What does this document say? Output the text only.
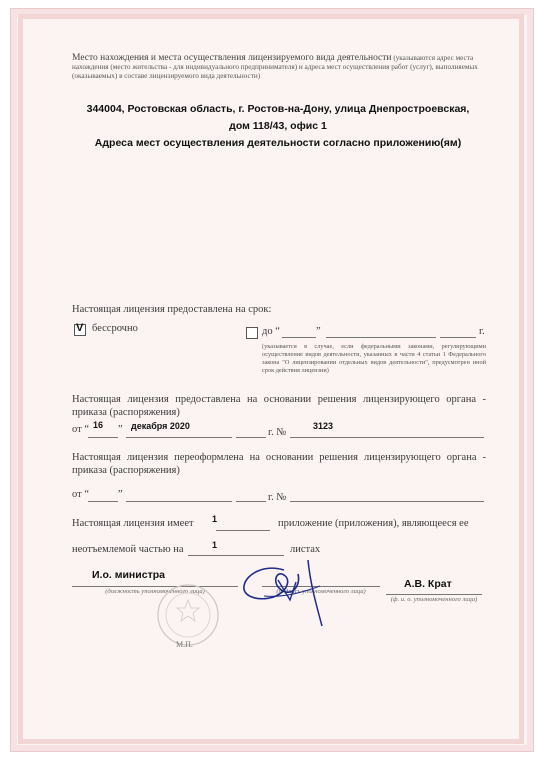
Место нахождения и места осуществления лицензируемого вида деятельности (указываются адрес места нахождения (место жительства - для индивидуального предпринимателя) и адреса мест осуществления работ (услуг), выполняемых (оказываемых) в составе лицензируемого вида деятельности)
344004, Ростовская область, г. Ростов-на-Дону, улица Днепростроевская,
дом 118/43, офис 1
Адреса мест осуществления деятельности согласно приложению(ям)
Настоящая лицензия предоставлена на срок:
V бессрочно	до “	”	г.
(указывается в случае, если федеральными законами, регулирующими осуществление видов деятельности, указанных в части 4 статьи 1 Федерального закона "О лицензировании отдельных видов деятельности", предусмотрен иной срок действия лицензии)
Настоящая лицензия предоставлена на основании решения лицензирующего органа - приказа (распоряжения)
от “ 16 ” декабря 2020
г. №
3123
Настоящая лицензия переоформлена на основании решения лицензирующего органа - приказа (распоряжения)
от “	”	г. №
Настоящая лицензия имеет 1	приложение (приложения), являющееся ее
неотъемлемой частью на	1	листах
И.о. министра
(должность уполномоченного лица)	(подпись уполномоченного лица)
А.В. Крат
(ф. и. о. уполномоченного лица)
М.П.
